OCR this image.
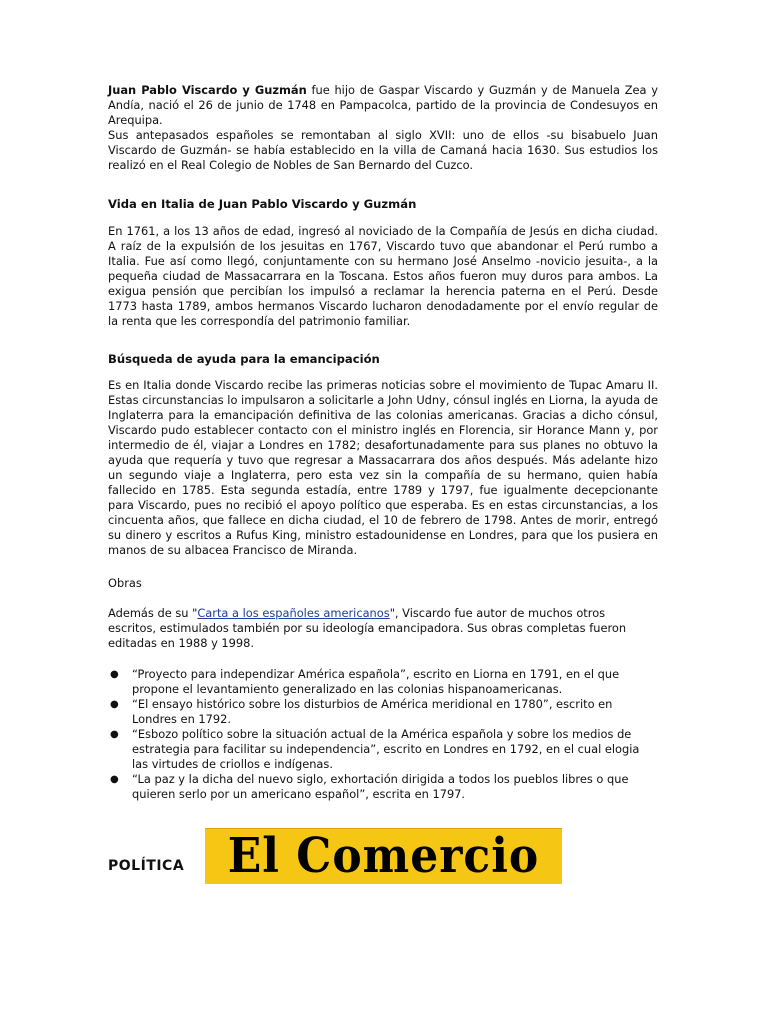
Juan Pablo Viscardo y Guzmán fue hijo de Gaspar Viscardo y Guzmán y de Manuela Zea y Andía, nació el 26 de junio de 1748 en Pampacolca, partido de la provincia de Condesuyos en Arequipa.

Sus antepasados españoles se remontaban al siglo XVII: uno de ellos -su bisabuelo Juan Viscardo de Guzmán- se había establecido en la villa de Camaná hacia 1630. Sus estudios los realizó en el Real Colegio de Nobles de San Bernardo del Cuzco.

Vida en Italia de Juan Pablo Viscardo y Guzmán

En 1761, a los 13 años de edad, ingresó al noviciado de la Compañía de Jesús en dicha ciudad. A raíz de la expulsión de los jesuitas en 1767, Viscardo tuvo que abandonar el Perú rumbo a Italia. Fue así como llegó, conjuntamente con su hermano José Anselmo -novicio jesuita-, a la pequeña ciudad de Massacarrara en la Toscana. Estos años fueron muy duros para ambos. La exigua pensión que percibían los impulsó a reclamar la herencia paterna en el Perú. Desde 1773 hasta 1789, ambos hermanos Viscardo lucharon denodadamente por el envío regular de la renta que les correspondía del patrimonio familiar.

Búsqueda de ayuda para la emancipación

Es en Italia donde Viscardo recibe las primeras noticias sobre el movimiento de Tupac Amaru II. Estas circunstancias lo impulsaron a solicitarle a John Udny, cónsul inglés en Liorna, la ayuda de Inglaterra para la emancipación definitiva de las colonias americanas. Gracias a dicho cónsul, Viscardo pudo establecer contacto con el ministro inglés en Florencia, sir Horance Mann y, por intermedio de él, viajar a Londres en 1782; desafortunadamente para sus planes no obtuvo la ayuda que requería y tuvo que regresar a Massacarrara dos años después. Más adelante hizo un segundo viaje a Inglaterra, pero esta vez sin la compañía de su hermano, quien había fallecido en 1785. Esta segunda estadía, entre 1789 y 1797, fue igualmente decepcionante para Viscardo, pues no recibió el apoyo político que esperaba. Es en estas circunstancias, a los cincuenta años, que fallece en dicha ciudad, el 10 de febrero de 1798. Antes de morir, entregó su dinero y escritos a Rufus King, ministro estadounidense en Londres, para que los pusiera en manos de su albacea Francisco de Miranda.

Obras

Además de su "Carta a los españoles americanos", Viscardo fue autor de muchos otros escritos, estimulados también por su ideología emancipadora. Sus obras completas fueron editadas en 1988 y 1998.

● “Proyecto para independizar América española”, escrito en Liorna en 1791, en el que propone el levantamiento generalizado en las colonias hispanoamericanas.
● “El ensayo histórico sobre los disturbios de América meridional en 1780”, escrito en Londres en 1792.
● “Esbozo político sobre la situación actual de la América española y sobre los medios de estrategia para facilitar su independencia”, escrito en Londres en 1792, en el cual elogia las virtudes de criollos e indígenas.
● “La paz y la dicha del nuevo siglo, exhortación dirigida a todos los pueblos libres o que quieren serlo por un americano español”, escrita en 1797.
El Comercio
POLÍTICA
